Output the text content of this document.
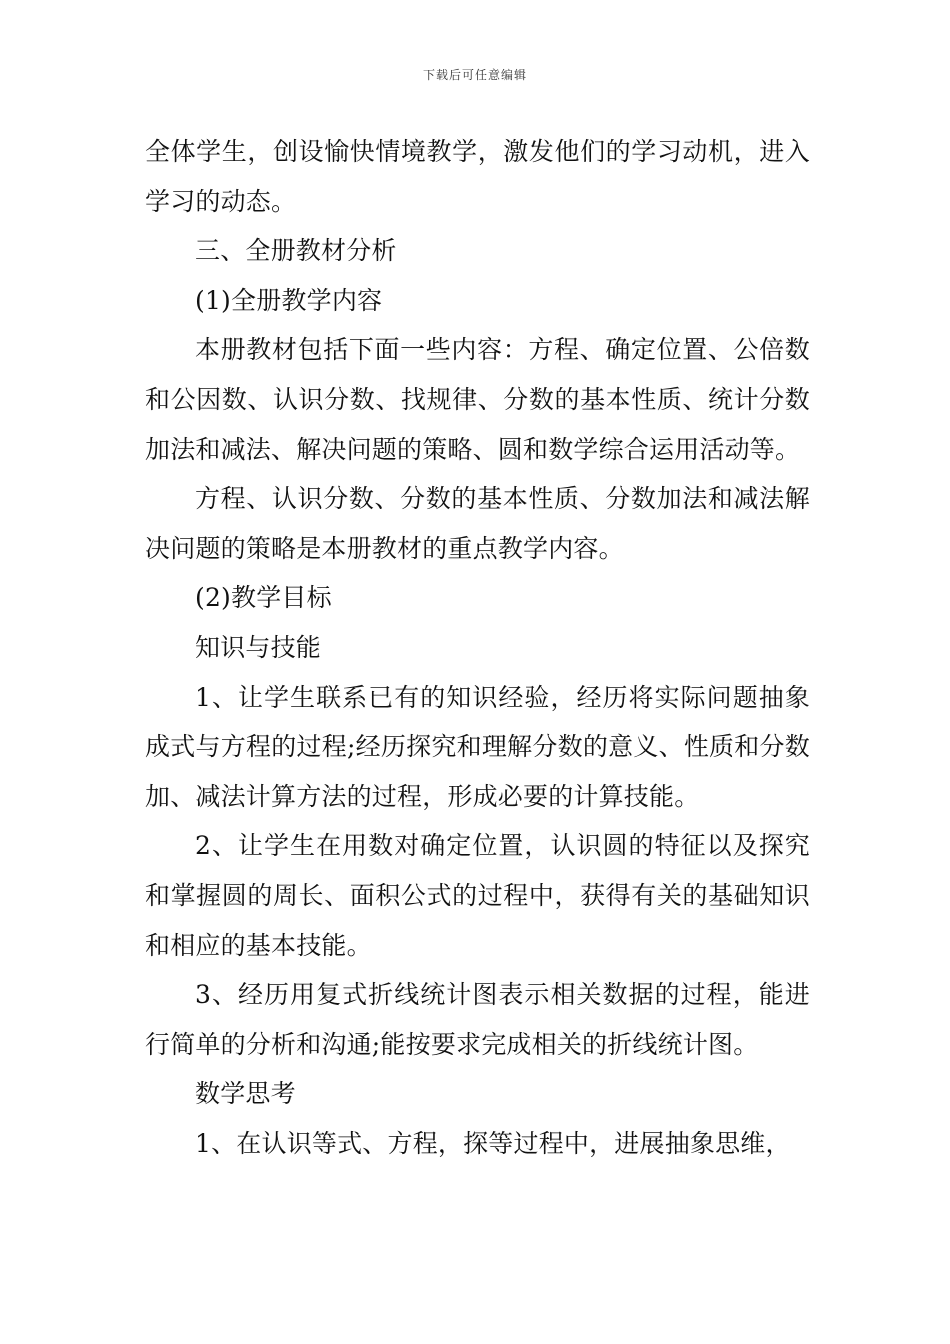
下载后可任意编辑

全体学生，创设愉快情境教学，激发他们的学习动机，进入学习的动态。

三、全册教材分析

(1)全册教学内容

本册教材包括下面一些内容：方程、确定位置、公倍数和公因数、认识分数、找规律、分数的基本性质、统计分数加法和减法、解决问题的策略、圆和数学综合运用活动等。

方程、认识分数、分数的基本性质、分数加法和减法解决问题的策略是本册教材的重点教学内容。

(2)教学目标

知识与技能

1、让学生联系已有的知识经验，经历将实际问题抽象成式与方程的过程;经历探究和理解分数的意义、性质和分数加、减法计算方法的过程，形成必要的计算技能。

2、让学生在用数对确定位置，认识圆的特征以及探究和掌握圆的周长、面积公式的过程中，获得有关的基础知识和相应的基本技能。

3、经历用复式折线统计图表示相关数据的过程，能进行简单的分析和沟通;能按要求完成相关的折线统计图。

数学思考

1、在认识等式、方程，探等过程中，进展抽象思维，
